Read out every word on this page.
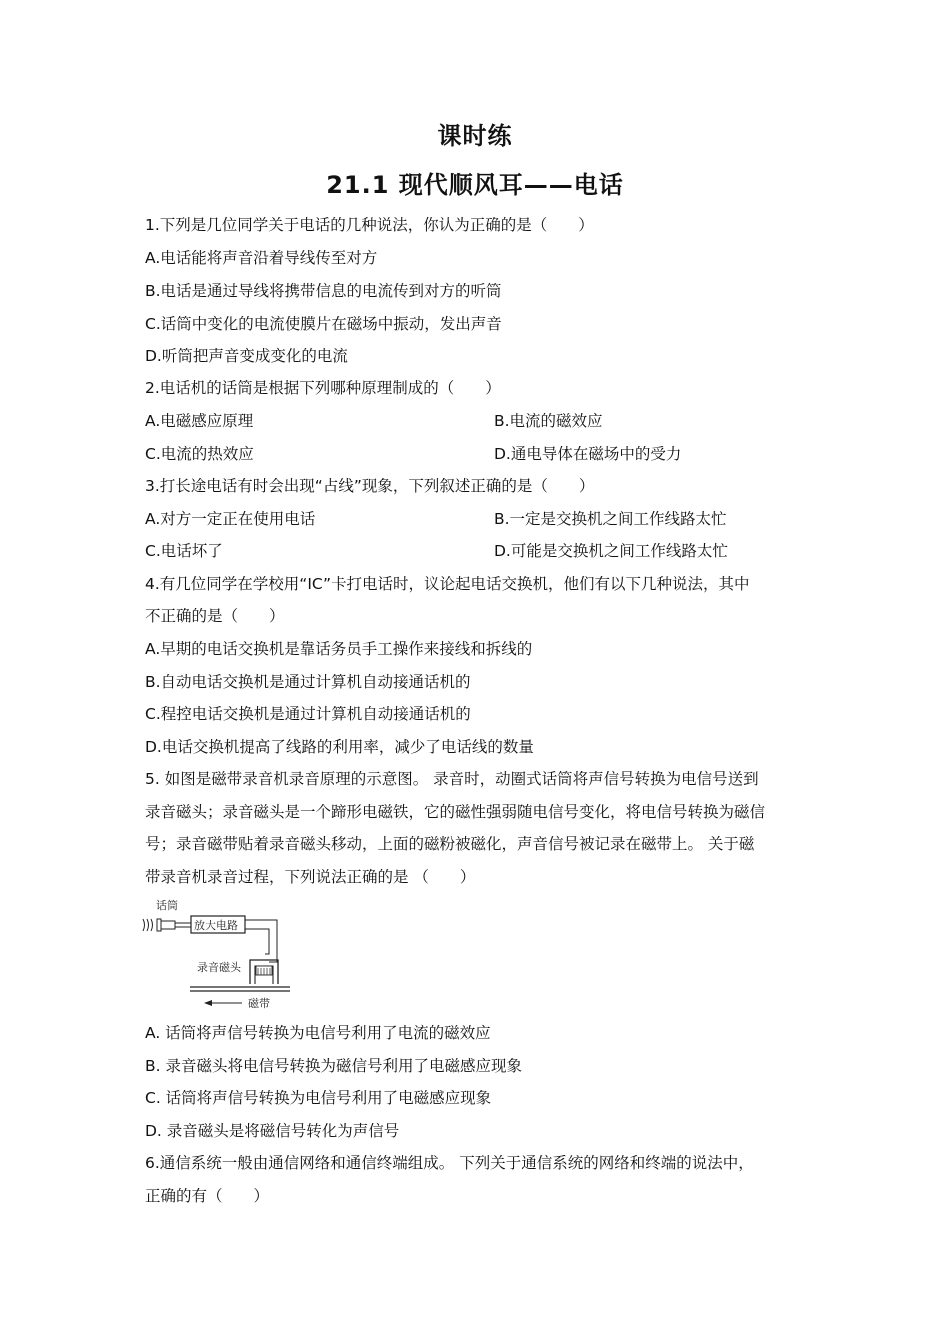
课时练
21.1 现代顺风耳——电话
1.下列是几位同学关于电话的几种说法，你认为正确的是（　　）
A.电话能将声音沿着导线传至对方
B.电话是通过导线将携带信息的电流传到对方的听筒
C.话筒中变化的电流使膜片在磁场中振动，发出声音
D.听筒把声音变成变化的电流
2.电话机的话筒是根据下列哪种原理制成的（　　）
A.电磁感应原理	B.电流的磁效应
C.电流的热效应	D.通电导体在磁场中的受力
3.打长途电话有时会出现“占线”现象，下列叙述正确的是（　　）
A.对方一定正在使用电话	B.一定是交换机之间工作线路太忙
C.电话坏了	D.可能是交换机之间工作线路太忙
4.有几位同学在学校用“IC”卡打电话时，议论起电话交换机，他们有以下几种说法，其中
不正确的是（　　）
A.早期的电话交换机是靠话务员手工操作来接线和拆线的
B.自动电话交换机是通过计算机自动接通话机的
C.程控电话交换机是通过计算机自动接通话机的
D.电话交换机提高了线路的利用率，减少了电话线的数量
5. 如图是磁带录音机录音原理的示意图。 录音时，动圈式话筒将声信号转换为电信号送到
录音磁头；录音磁头是一个蹄形电磁铁，它的磁性强弱随电信号变化，将电信号转换为磁信
号；录音磁带贴着录音磁头移动，上面的磁粉被磁化，声音信号被记录在磁带上。 关于磁
带录音机录音过程，下列说法正确的是 （　　）
话筒
放大电路
录音磁头
磁带
A. 话筒将声信号转换为电信号利用了电流的磁效应
B. 录音磁头将电信号转换为磁信号利用了电磁感应现象
C. 话筒将声信号转换为电信号利用了电磁感应现象
D. 录音磁头是将磁信号转化为声信号
6.通信系统一般由通信网络和通信终端组成。 下列关于通信系统的网络和终端的说法中，
正确的有（　　）
